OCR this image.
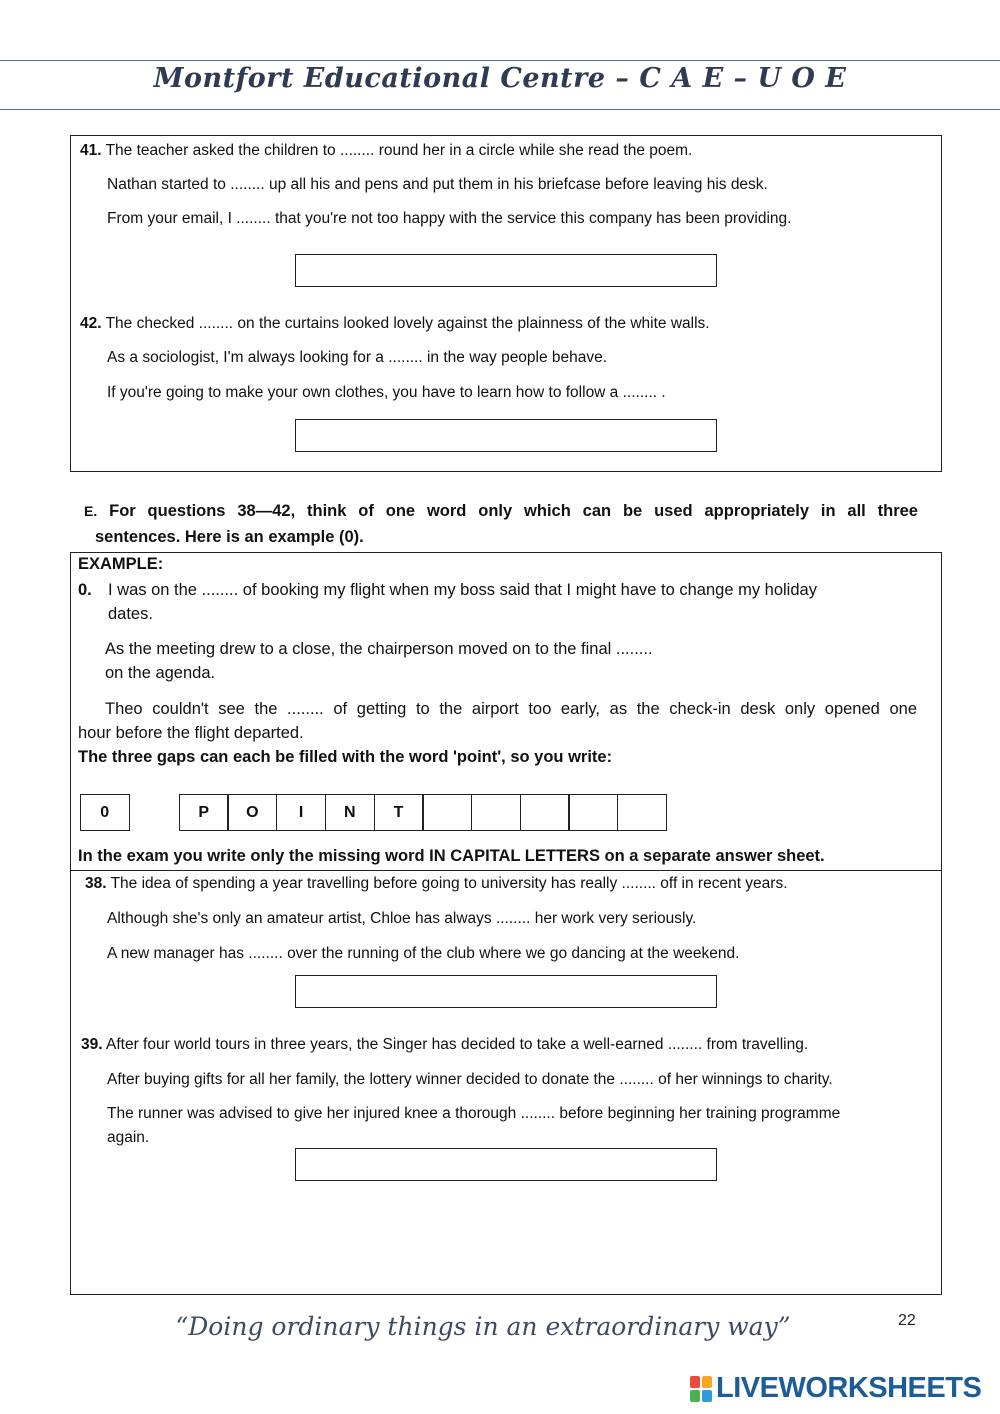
Montfort Educational Centre – C A E – U O E
41. The teacher asked the children to ........ round her in a circle while she read the poem.
Nathan started to ........ up all his and pens and put them in his briefcase before leaving his desk.
From your email, I ........ that you're not too happy with the service this company has been providing.
42. The checked ........ on the curtains looked lovely against the plainness of the white walls.
As a sociologist, I'm always looking for a ........ in the way people behave.
If you're going to make your own clothes, you have to learn how to follow a ........ .
E. For questions 38—42, think of one word only which can be used appropriately in all three
sentences. Here is an example (0).
EXAMPLE:
0. I was on the ........ of booking my flight when my boss said that I might have to change my holiday
dates.
As the meeting drew to a close, the chairperson moved on to the final ........
on the agenda.
Theo couldn't see the ........ of getting to the airport too early, as the check-in desk only opened one
hour before the flight departed.
The three gaps can each be filled with the word 'point', so you write:
0	P	O	I	N	T
In the exam you write only the missing word IN CAPITAL LETTERS on a separate answer sheet.
38. The idea of spending a year travelling before going to university has really ........ off in recent years.
Although she's only an amateur artist, Chloe has always ........ her work very seriously.
A new manager has ........ over the running of the club where we go dancing at the weekend.
39. After four world tours in three years, the Singer has decided to take a well-earned ........ from travelling.
After buying gifts for all her family, the lottery winner decided to donate the ........ of her winnings to charity.
The runner was advised to give her injured knee a thorough ........ before beginning her training programme
again.
“Doing ordinary things in an extraordinary way”	22
LIVEWORKSHEETS
